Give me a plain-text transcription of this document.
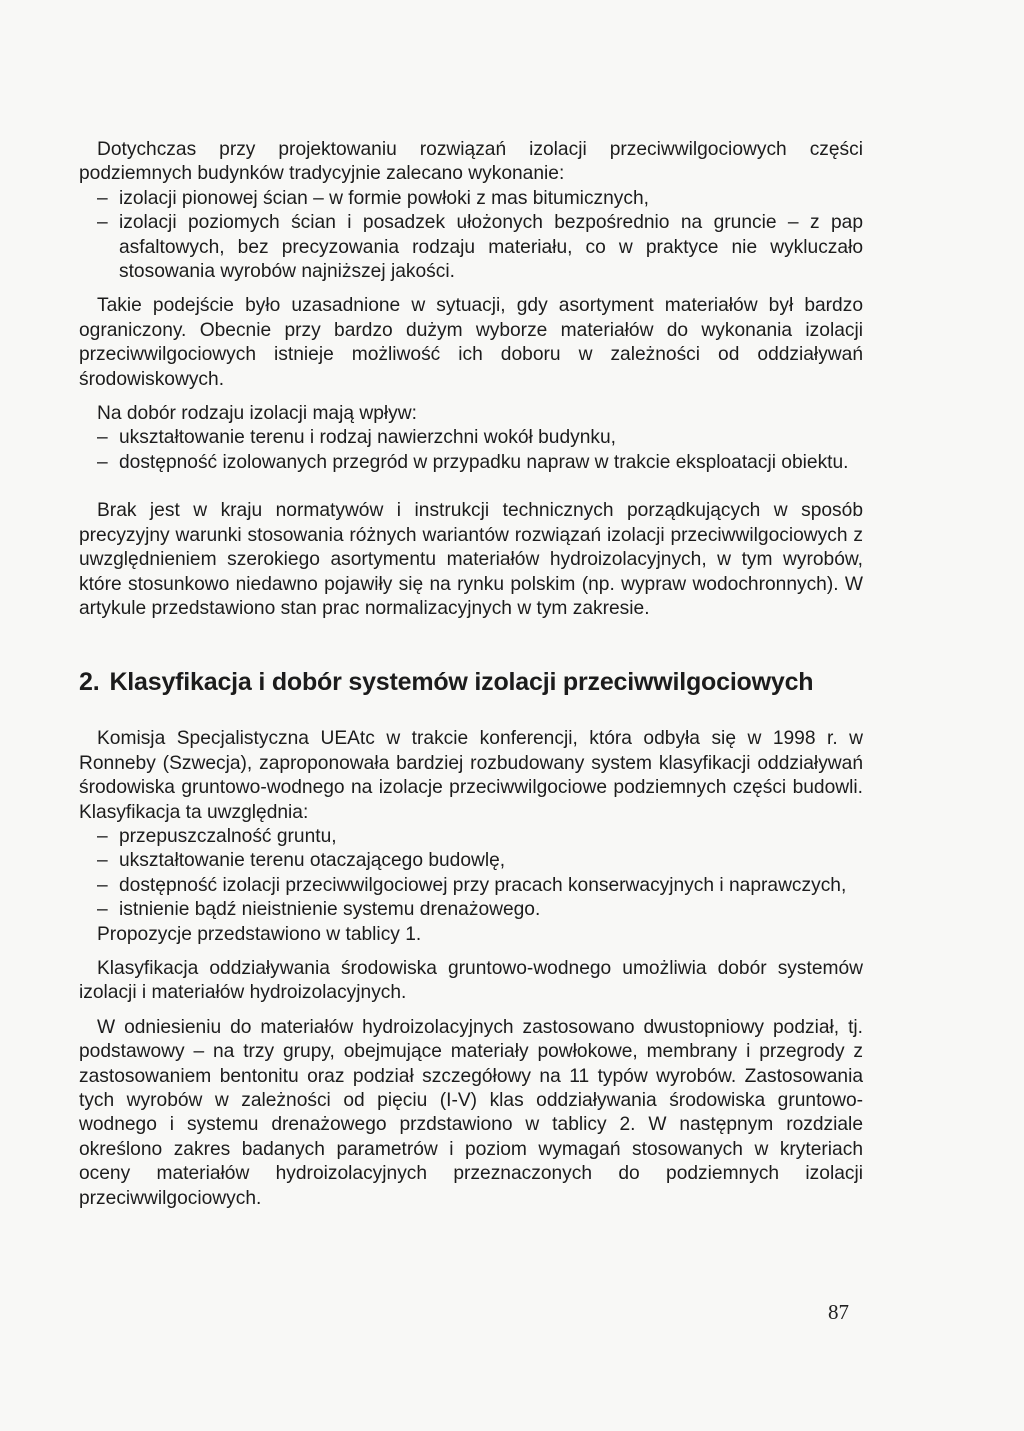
Dotychczas przy projektowaniu rozwiązań izolacji przeciwwilgociowych części podziemnych budynków tradycyjnie zalecano wykonanie:

– izolacji pionowej ścian – w formie powłoki z mas bitumicznych,
– izolacji poziomych ścian i posadzek ułożonych bezpośrednio na gruncie – z pap asfaltowych, bez precyzowania rodzaju materiału, co w praktyce nie wykluczało stosowania wyrobów najniższej jakości.

Takie podejście było uzasadnione w sytuacji, gdy asortyment materiałów był bardzo ograniczony. Obecnie przy bardzo dużym wyborze materiałów do wykonania izolacji przeciwwilgociowych istnieje możliwość ich doboru w zależności od oddziaływań środowiskowych.

Na dobór rodzaju izolacji mają wpływ:

– ukształtowanie terenu i rodzaj nawierzchni wokół budynku,
– dostępność izolowanych przegród w przypadku napraw w trakcie eksploatacji obiektu.

Brak jest w kraju normatywów i instrukcji technicznych porządkujących w sposób precyzyjny warunki stosowania różnych wariantów rozwiązań izolacji przeciwwilgociowych z uwzględnieniem szerokiego asortymentu materiałów hydroizolacyjnych, w tym wyrobów, które stosunkowo niedawno pojawiły się na rynku polskim (np. wypraw wodochronnych). W artykule przedstawiono stan prac normalizacyjnych w tym zakresie.

2. Klasyfikacja i dobór systemów izolacji przeciwwilgociowych

Komisja Specjalistyczna UEAtc w trakcie konferencji, która odbyła się w 1998 r. w Ronneby (Szwecja), zaproponowała bardziej rozbudowany system klasyfikacji oddziaływań środowiska gruntowo-wodnego na izolacje przeciwwilgociowe podziemnych części budowli. Klasyfikacja ta uwzględnia:

– przepuszczalność gruntu,
– ukształtowanie terenu otaczającego budowlę,
– dostępność izolacji przeciwwilgociowej przy pracach konserwacyjnych i naprawczych,
– istnienie bądź nieistnienie systemu drenażowego.

Propozycje przedstawiono w tablicy 1.

Klasyfikacja oddziaływania środowiska gruntowo-wodnego umożliwia dobór systemów izolacji i materiałów hydroizolacyjnych.

W odniesieniu do materiałów hydroizolacyjnych zastosowano dwustopniowy podział, tj. podstawowy – na trzy grupy, obejmujące materiały powłokowe, membrany i przegrody z zastosowaniem bentonitu oraz podział szczegółowy na 11 typów wyrobów. Zastosowania tych wyrobów w zależności od pięciu (I-V) klas oddziaływania środowiska gruntowo-wodnego i systemu drenażowego przdstawiono w tablicy 2. W następnym rozdziale określono zakres badanych parametrów i poziom wymagań stosowanych w kryteriach oceny materiałów hydroizolacyjnych przeznaczonych do podziemnych izolacji przeciwwilgociowych.

87
